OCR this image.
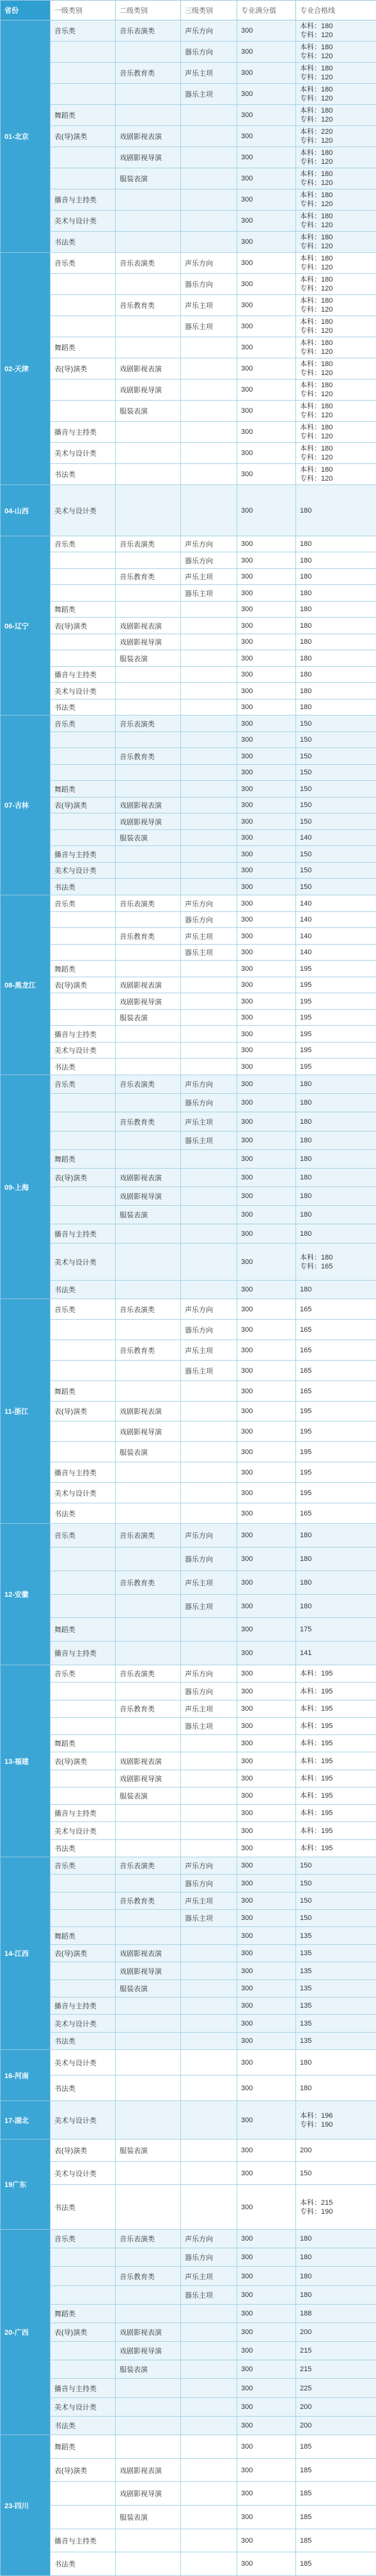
省份	一级类别	二级类别	三级类别	专业满分值	专业合格线
01-北京	音乐类	音乐表演类	声乐方向	300	本科：180
专科：120

			器乐方向	300	本科：180
专科：120

		音乐教育类	声乐主项	300	本科：180
专科：120

			器乐主项	300	本科：180
专科：120

	舞蹈类			300	本科：180
专科：120

	表(导)演类	戏剧影视表演		300	本科：220
专科：120

		戏剧影视导演		300	本科：180
专科：120

		服装表演		300	本科：180
专科：120

	播音与主持类			300	本科：180
专科：120

	美术与设计类			300	本科：180
专科：120

	书法类			300	本科：180
专科：120

02-天津	音乐类	音乐表演类	声乐方向	300	本科：180
专科：120

			器乐方向	300	本科：180
专科：120

		音乐教育类	声乐主项	300	本科：180
专科：120

			器乐主项	300	本科：180
专科：120

	舞蹈类			300	本科：180
专科：120

	表(导)演类	戏剧影视表演		300	本科：180
专科：120

		戏剧影视导演		300	本科：180
专科：120

		服装表演		300	本科：180
专科：120

	播音与主持类			300	本科：180
专科：120

	美术与设计类			300	本科：180
专科：120

	书法类			300	本科：180
专科：120

04-山西	美术与设计类			300	180

06-辽宁	音乐类	音乐表演类	声乐方向	300	180

			器乐方向	300	180

		音乐教育类	声乐主项	300	180

			器乐主项	300	180

	舞蹈类			300	180

	表(导)演类	戏剧影视表演		300	180

		戏剧影视导演		300	180

		服装表演		300	180

	播音与主持类			300	180

	美术与设计类			300	180

	书法类			300	180

07-吉林	音乐类	音乐表演类		300	150

				300	150

		音乐教育类		300	150

				300	150

	舞蹈类			300	150

	表(导)演类	戏剧影视表演		300	150

		戏剧影视导演		300	150

		服装表演		300	140

	播音与主持类			300	150

	美术与设计类			300	150

	书法类			300	150

08-黑龙江	音乐类	音乐表演类	声乐方向	300	140

			器乐方向	300	140

		音乐教育类	声乐主项	300	140

			器乐主项	300	140

	舞蹈类			300	195

	表(导)演类	戏剧影视表演		300	195

		戏剧影视导演		300	195

		服装表演		300	195

	播音与主持类			300	195

	美术与设计类			300	195

	书法类			300	195

09-上海	音乐类	音乐表演类	声乐方向	300	180

			器乐方向	300	180

		音乐教育类	声乐主项	300	180

			器乐主项	300	180

	舞蹈类			300	180

	表(导)演类	戏剧影视表演		300	180

		戏剧影视导演		300	180

		服装表演		300	180

	播音与主持类			300	180

	美术与设计类			300	本科：180
专科：165

	书法类			300	180

11-浙江	音乐类	音乐表演类	声乐方向	300	165

			器乐方向	300	165

		音乐教育类	声乐主项	300	165

			器乐主项	300	165

	舞蹈类			300	165

	表(导)演类	戏剧影视表演		300	195

		戏剧影视导演		300	195

		服装表演		300	195

	播音与主持类			300	195

	美术与设计类			300	195

	书法类			300	165

12-安徽	音乐类	音乐表演类	声乐方向	300	180

			器乐方向	300	180

		音乐教育类	声乐主项	300	180

			器乐主项	300	180

	舞蹈类			300	175

	播音与主持类			300	141

13-福建	音乐类	音乐表演类	声乐方向	300	本科：195

			器乐方向	300	本科：195

		音乐教育类	声乐主项	300	本科：195

			器乐主项	300	本科：195

	舞蹈类			300	本科：195

	表(导)演类	戏剧影视表演		300	本科：195

		戏剧影视导演		300	本科：195

		服装表演		300	本科：195

	播音与主持类			300	本科：195

	美术与设计类			300	本科：195

	书法类			300	本科：195

14-江西	音乐类	音乐表演类	声乐方向	300	150

			器乐方向	300	150

		音乐教育类	声乐主项	300	150

			器乐主项	300	150

	舞蹈类			300	135

	表(导)演类	戏剧影视表演		300	135

		戏剧影视导演		300	135

		服装表演		300	135

	播音与主持类			300	135

	美术与设计类			300	135

	书法类			300	135

16-河南	美术与设计类			300	180

	书法类			300	180

17-湖北	美术与设计类			300	本科：196
专科：190

19广东	表(导)演类	服装表演		300	200

	美术与设计类			300	150

	书法类			300	本科：215
专科：190

20-广西	音乐类	音乐表演类	声乐方向	300	180

			器乐方向	300	180

		音乐教育类	声乐主项	300	180

			器乐主项	300	180

	舞蹈类			300	188

	表(导)演类	戏剧影视表演		300	200

		戏剧影视导演		300	215

		服装表演		300	215

	播音与主持类			300	225

	美术与设计类			300	200

	书法类			300	200

23-四川	舞蹈类			300	185

	表(导)演类	戏剧影视表演		300	185

		戏剧影视导演		300	185

		服装表演		300	185

	播音与主持类			300	185

	书法类			300	185
